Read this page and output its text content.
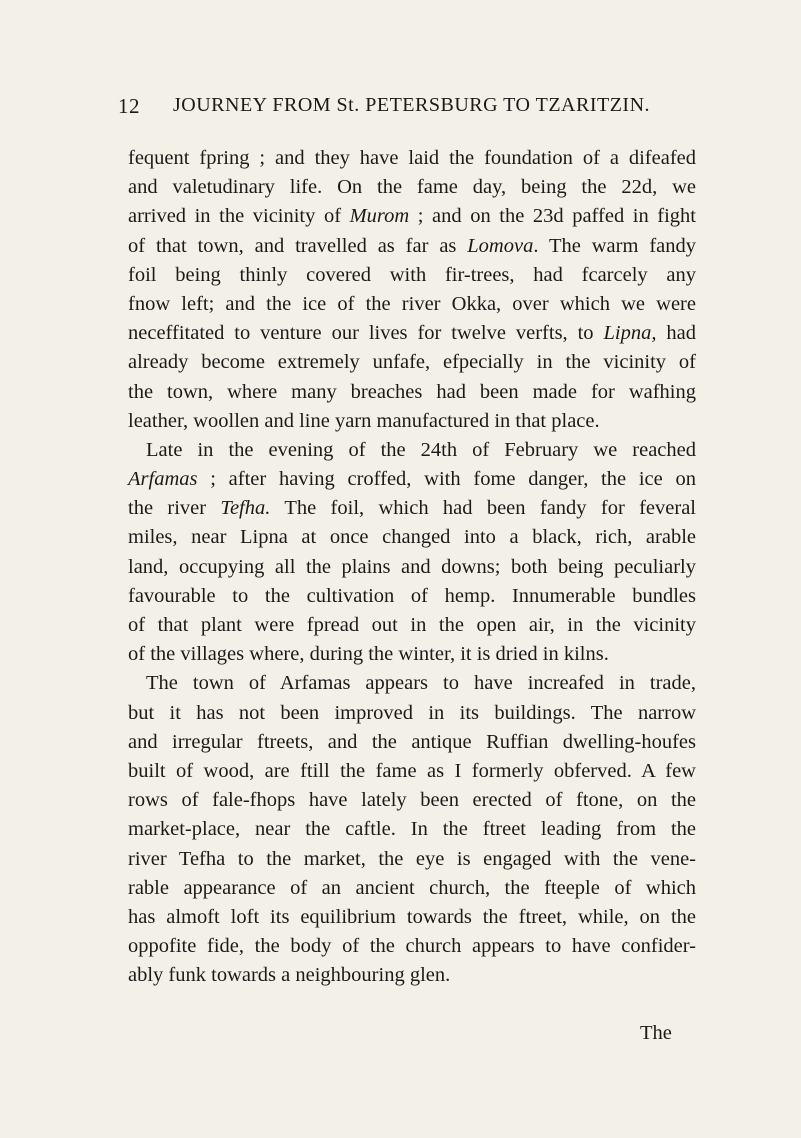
12 JOURNEY FROM St. PETERSBURG TO TZARITZIN.
fequent fpring ; and they have laid the foundation of a difeafed
and valetudinary life. On the fame day, being the 22d, we
arrived in the vicinity of Murom ; and on the 23d paffed in fight
of that town, and travelled as far as Lomova. The warm fandy
foil being thinly covered with fir-trees, had fcarcely any
fnow left; and the ice of the river Okka, over which we were
neceffitated to venture our lives for twelve verfts, to Lipna, had
already become extremely unfafe, efpecially in the vicinity of
the town, where many breaches had been made for wafhing
leather, woollen and line yarn manufactured in that place.
Late in the evening of the 24th of February we reached
Arfamas ; after having croffed, with fome danger, the ice on
the river Tefha. The foil, which had been fandy for feveral
miles, near Lipna at once changed into a black, rich, arable
land, occupying all the plains and downs; both being peculiarly
favourable to the cultivation of hemp. Innumerable bundles
of that plant were fpread out in the open air, in the vicinity
of the villages where, during the winter, it is dried in kilns.
The town of Arfamas appears to have increafed in trade,
but it has not been improved in its buildings. The narrow
and irregular ftreets, and the antique Ruffian dwelling-houfes
built of wood, are ftill the fame as I formerly obferved. A few
rows of fale-fhops have lately been erected of ftone, on the
market-place, near the caftle. In the ftreet leading from the
river Tefha to the market, the eye is engaged with the vene-
rable appearance of an ancient church, the fteeple of which
has almoft loft its equilibrium towards the ftreet, while, on the
oppofite fide, the body of the church appears to have confider-
ably funk towards a neighbouring glen.
The
